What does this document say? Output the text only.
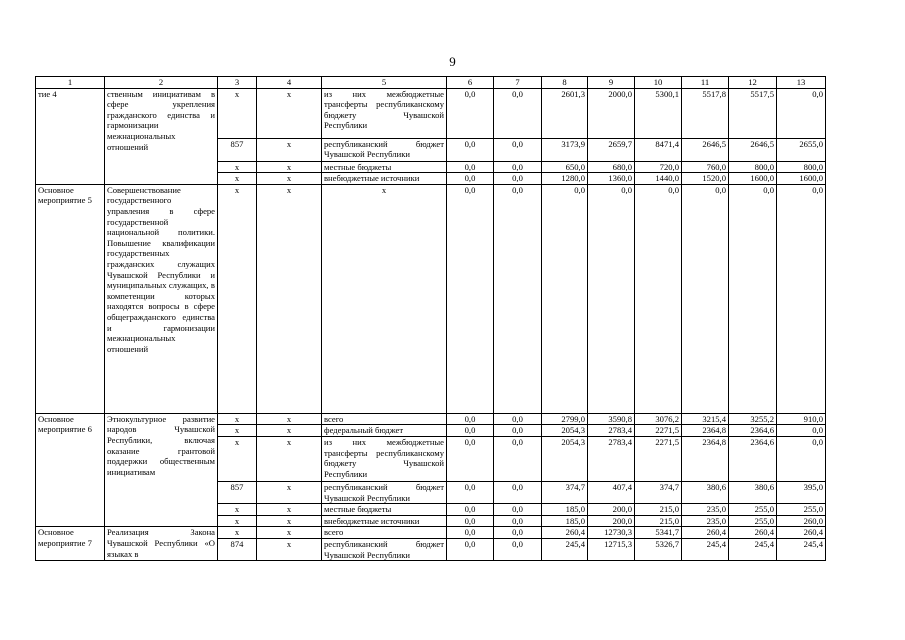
9
1	2	3	4	5	6	7	8	9	10	11	12	13
тие 4	ственным инициативам в сфере укрепления гражданского единства и гармонизации межнациональных отношений	х	х	из них межбюджетные трансферты республиканскому бюджету Чувашской Республики	0,0	0,0	2601,3	2000,0	5300,1	5517,8	5517,5	0,0
		857	х	республиканский бюджет Чувашской Республики	0,0	0,0	3173,9	2659,7	8471,4	2646,5	2646,5	2655,0
		х	х	местные бюджеты	0,0	0,0	650,0	680,0	720,0	760,0	800,0	800,0
		х	х	внебюджетные источники	0,0	0,0	1280,0	1360,0	1440,0	1520,0	1600,0	1600,0
Основное мероприятие 5	Совершенствование государственного управления в сфере государственной национальной политики. Повышение квалификации государственных гражданских служащих Чувашской Республики и муниципальных служащих, в компетенции которых находятся вопросы в сфере общегражданского единства и гармонизации межнациональных отношений	х	х	х	0,0	0,0	0,0	0,0	0,0	0,0	0,0	0,0
Основное мероприятие 6	Этнокультурное развитие народов Чувашской Республики, включая оказание грантовой поддержки общественным инициативам	х	х	всего	0,0	0,0	2799,0	3590,8	3076,2	3215,4	3255,2	910,0
		х	х	федеральный бюджет	0,0	0,0	2054,3	2783,4	2271,5	2364,8	2364,6	0,0
		х	х	из них межбюджетные трансферты республиканскому бюджету Чувашской Республики	0,0	0,0	2054,3	2783,4	2271,5	2364,8	2364,6	0,0
		857	х	республиканский бюджет Чувашской Республики	0,0	0,0	374,7	407,4	374,7	380,6	380,6	395,0
		х	х	местные бюджеты	0,0	0,0	185,0	200,0	215,0	235,0	255,0	255,0
		х	х	внебюджетные источники	0,0	0,0	185,0	200,0	215,0	235,0	255,0	260,0
Основное мероприятие 7	Реализация Закона Чувашской Республики «О языках в	х	х	всего	0,0	0,0	260,4	12730,3	5341,7	260,4	260,4	260,4
		874	х	республиканский бюджет Чувашской Республики	0,0	0,0	245,4	12715,3	5326,7	245,4	245,4	245,4
